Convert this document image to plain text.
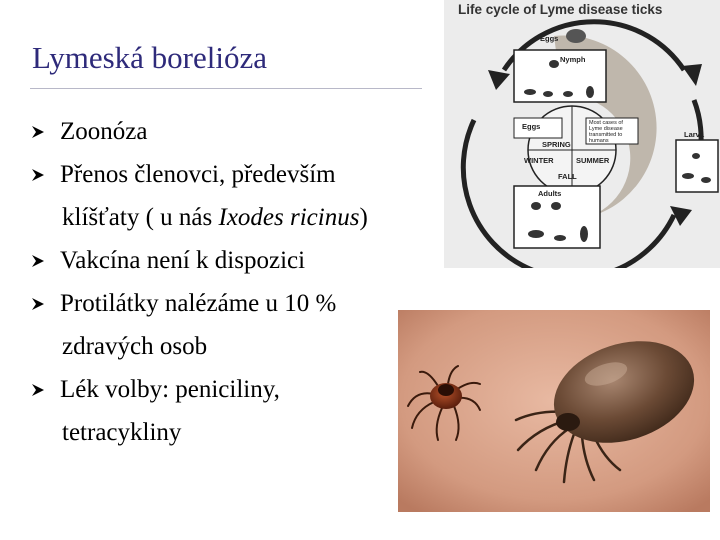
Lymeská borelióza
Zoonóza
Přenos členovci, především
klíšťaty ( u nás Ixodes ricinus)
Vakcína není k dispozici
Protilátky nalézáme u 10 %
zdravých osob
Lék volby: peniciliny,
tetracykliny
Life cycle of Lyme disease ticks
Eggs
Nymph
Eggs
SPRING
WINTER	SUMMER
FALL
Adults
Larva
Most cases of Lyme disease transmitted to humans
